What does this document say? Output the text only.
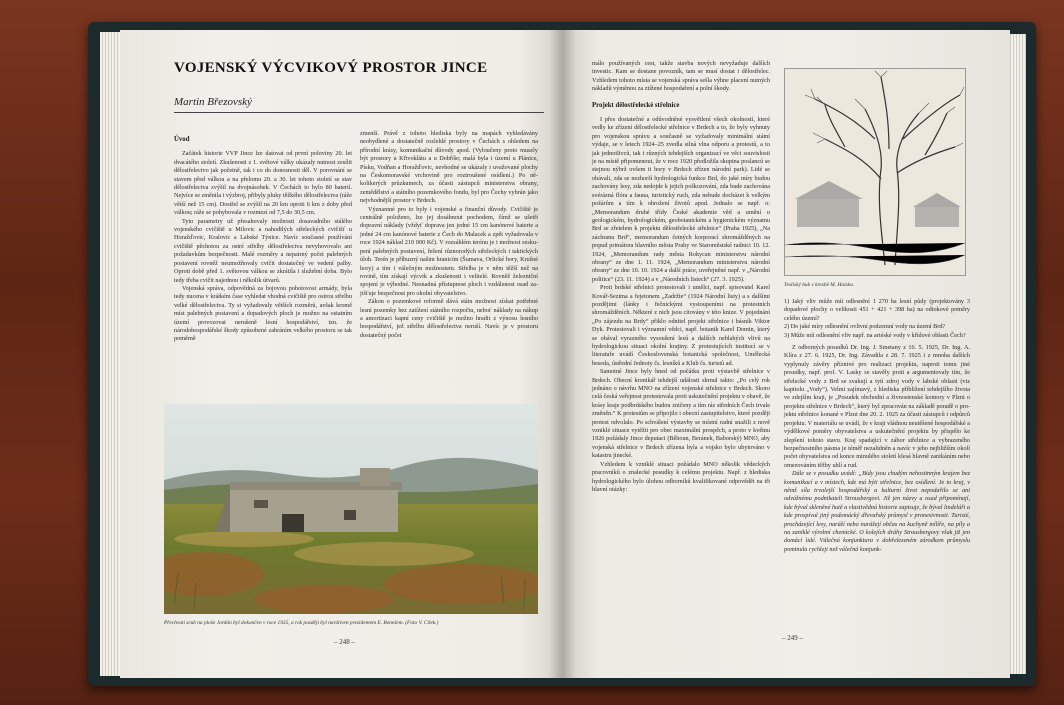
VOJENSKÝ VÝCVIKOVÝ PROSTOR JINCE
Martin Březovský
Úvod

Začátek historie VVP Jince lze datovat od první poloviny 20. let dvacátého století. Zkušenosti z 1. světové války ukázaly nutnost zesílit dělostřelectvo jak početně, tak i co do donosnosti děl. V porovnání se stavem před válkou a na přelomu 20. a 30. let tohoto století se stav dělostřelectva zvýšil na dvojnásobek. V Čechách to bylo 80 baterií. Nejvíce se změnila i výzbroj, přibyly pluky těžkého dělostřelectva (ráže větší než 15 cm). Dostřel se zvýšil na 20 km oproti 6 km z doby před válkou; ráže se pohybovala v rozmezí od 7,5 do 30,5 cm.

Tyto parametry už přesahovaly možnosti dosavadního stálého vojenského cvičiště u Milovic a nahodilých střeleckých cvičišť u Horažďovic, Kralovic a Labské Týnice. Navíc současné používání cvičiště pěchotou za ostré střelby dělostřelectva nevyhovovalo ani požadavkům bezpečnosti. Malé rozměry a nepatrný počet palebných postavení rovněž neumožňovaly cvičit dostatečný ve vedení palby. Oproti době před 1. světovou válkou se zkrátila i služební doba. Bylo tedy třeba cvičit najednou i několik útvarů.

Vojenská správa, odpovědná za bojovou pohotovost armády, byla tedy nucena v krátkém čase vyhledat vhodná cvičiště pro ostrou střelbu velké dělostřelectva. Ty si vyžadovaly větších rozměrů, avšak kromě míst palebných postavení a dopadových ploch je možno na ostatním území provozovat nerušeně lesní hospodářství, tzn. že národohospodářské škody způsobené zabráním velkého prostoru se tak poměrně

zmenší. Právě z tohoto hlediska byly na mapách vyhledávány neobydlené a dostatečně rozlehlé prostory v Čechách s ohledem na přírodní krásy, komunikační důvody apod. (Vyloučeny proto musely být prostory u Křivoklátu a u Dobříše; malá byla i území u Plánice, Písku, Vodňan a Horažďovic, nevhodné se ukázaly i uvažované plochy na Českomoravské vrchovině pro roztroušené osídlení.) Po několikerých průzkumech, za účasti zástupců ministerstva obrany, zemědělství a státního pozemkového fondu, byl pro Čechy vybrán jako nejvhodnější prostor v Brdech.

Významné pro to byly i vojenské a finanční důvody. Cvičiště je centrálně položeno, lze jej dosáhnout pochodem, čímž se ušetří dopravní náklady (vždyť doprava jen jedné 15 cm kanónové baterie a jedné 24 cm kanónové baterie z Čech do Malacek a zpět vyžadovala v roce 1924 náklad 210 000 Kč). V rozsáhlém terénu je i možnost seskupení palebných postavení, řešení různorodých střeleckých i taktických úloh. Terén je příbuzný našim hranicím (Šumava, Orlické hory, Krušné hory) a tím i válečným možnostem. Střelba je v něm těžší než na rovině, tím získají výcvik a zkušenosti i velitelé. Rovněž železniční spojení je výhodné. Nesnadná přístupnost ploch i vzdálenost osad zajišťuje bezpečnost pro okolní obyvatelstvo.

Zákon o pozemkové reformě dává státu možnost získat potřebné lesní pozemky bez zatížení státního rozpočtu, neboť náklady na nákup a amortizaci kapní ceny cvičiště je možno hradit z výnosu lesního hospodářství, jež střelbu dělostřelectva neruší. Navíc je v prostoru dostatečný počet

Přechvatí srub na ploše Jordán byl dokončen v roce 1935, a rok později byl navštíven prezidentem E. Benešem. (Foto V. Cílek.)
– 248 –

málo používaných cest, takže stavba nových nevyžaduje dalších investic. Kam se dostane povozník, tam se musí dostat i dělostřelec. Vzhledem tohoto místa se vojenská správa sešla výhne placení nutných nákladů výměnou za ztížené hospodaření a polní škody.

Projekt dělostřelecké střelnice

I přes dostatečné a odůvodněné vysvětlení všech okolností, které vedly ke zřízení dělostřelecké střelnice v Brdech a to, že byly vyhnuty pro vojenskou správu a současně se vyžadovaly minimální státní výdaje, se v letech 1924–25 zvedla silná vlna odporu a protestů, a to jak jednotlivců, tak i různých tehdejších organizací ve věci souvislosti je na místě připomenout, že v roce 1920 předložila skupina poslanců se stejnou nýbrž ovšem ti hory v Brdech zřízen národní park). Lidé se obávali, zda se nezhorší hydrologická funkce Brd, do jaké míry budou zachovány lesy, zda nedojde k jejich poškozování, zda bude zachována svérázná flóra a fauna, turistický ruch, zda nebude docházet k velkým požárům a tím k ohrožení životů apod. Jednalo se např. o: „Memorandum druhé třídy České akademie věd a umění o geologickém, hydrologickém, geobotanickém a hygienickém významu Brd se zřetelem k projektu dělostřelecké střelnice“ (Praha 1925), „Na záchranu Brd“, memorandum četných korporací shromážděných na popud primátora hlavního města Prahy ve Staroměstské radnici 10. 12. 1924, „Memorandum rady města Rokycan ministerstvu národní obrany“ ze dne 1. 11. 1924, „Memorandum ministerstvu národní obrany“ ze dne 10. 10. 1924 a další práce, uveřejněné např. v „Národní politice“ (23. 11. 1924) a v „Národních listech“ (27. 3. 1925).

Proti brdské střelnici protestovali i umělci, např. spisovatel Karel Kovář-Sezima a fejetonem „Zadržte“ (1924 Národní listy) a s dalšími pozdějimi (lánky i řečnickými vystoupeními na protestních shromážděních. Některé z nich jsou citovány v této knize. V pojednání „Po zájezdu na Brdy“ přiklo odnitel projekt střelnice i básník Viktor Dyk. Protestovali i významní vědci, např. botanik Karel Domin, který se obával vyrazného vysoušení lesů a dalších neblahých vlivů na hydrologickou situaci okolní krajiny. Z protestujících institucí se v literatuře uvádí Československá botanická společnost, Umělecká beseda, ústřední Jednoty čs. lesníků a Klub čs. turistů ad.

Samotné Jince byly hned od počátku proti výstavbě střelnice v Brdech. Obecní kronikář tehdejší události shrnul takto: „Po celý rok jednáno o návrhu MNO na zřízení vojenské střelnice v Brdech. Skoro celá česká veřejnost protestovala proti uskutečnění projektu v obavě, že krásy kraje podbrdského budou zničeny a tím ráz středních Čech trvale změněn.“ K protestům se připojilo i obecní zastupitelstvo, které později protest odvolalo. Po schválení výstavby se místní radní snažili z nově vzniklé situace vytěžit pro obec maximální prospěch, a proto v květnu 1926 požádaly Jince deputaci (Běhoun, Beránek, Baborský) MNO, aby vojenská střelnice v Brdech zřízena byla a vojsko bylo ubytováno v katastru jinecké.

Vzhledem k vzniklé situaci požádalo MNO několik vědeckých pracovníků o znalecké posudky k celému projektu. Např. z hlediska hydrologického bylo úlohou odborníků kvalifikované odpovědět na tři hlavní otázky:

Tesliský buk v kresbě M. Haiska.
1) Jaký vliv může mít odlesnění 1 270 ha lesní půdy (projektovány 3 dopadové plochy o velikosti 451 + 421 + 398 ha) na odtokové poměry celého území?
2) Do jaké míry odlesnění ovlivní podzemní vody na území Brd?
3) Může mít odlesnění vliv např. na artéské vody v křídové oblasti Čech?

Z odborných posudků Dr. Ing. J. Smetany z 16. 5. 1925, Dr. Ing. A. Klíra z 27. 6. 1925, Dr. Ing. Závadila z 28. 7. 1925 i z mnoha dalších vyplynuly závěry příznivé pro realizaci projektu, naproti tomu jiné posudky, např. prof. V. Lasky se stavěly proti a argumentovaly tím, že střelecké vody z Brd se svakují a tytí zdroj vody v labské oblasti (viz kapitolu „Vody“). Velmi zajímavý, z hlediska příbližení tehdejšího života ve zdejším kraji, je „Posudek obchodní a živnostenské komory v Plzni o projektu střelnice v Brdech“, který byl zpracován na základě poradě o projektu střelnice konané v Plzni dne 20. 2. 1925 za účasti zástupců i odpůrců projektu. V materiálu se uvádí, že v kraji vládnou neutěšené hospodářské a výdělkové poměry obyvatelstva a uskutečnění projektu by přispělo ke zlepšení tohoto stavu. Kraj spadající v zábor střelnice a vybrazeného bezpečnostního pásma je téměř nezalidněn a navíc v jeho nejbližším okolí počet obyvatelstva od konce minulého století klesá hlavně zanikáním nebo omezováním těžby uhlí a rud.

Dále se v posudku uvádí: „Bídy jsou chudým nehostinným krajem bez komunikací a v místech, kde má býti střelnice, bez osídlení. Je to kraj, v němž síla trvalejší hospodářský a kulturní život nepodařilo se ani odvážnému podnikateli Strousbergovi. Již jen názvy u osad připomínají, kde býval skleněné hutě a vlastivědná historie zapisuje, že býval lindeláři a kde prospíval jiný podomácký dřevařský průmysl v pronesivnosti. Turisté, procházející lesy, naráží nebo narážejí občas na kuchyně mílíře, na píly a na zaniklé výrobní chemické. O kolejích dráhy Strousbergovy však již jen domácí lidé. Válečná konjunktura v dobřelezeném zárodkem průmyslu pominula rychleji než válečná konjunk-

– 249 –
